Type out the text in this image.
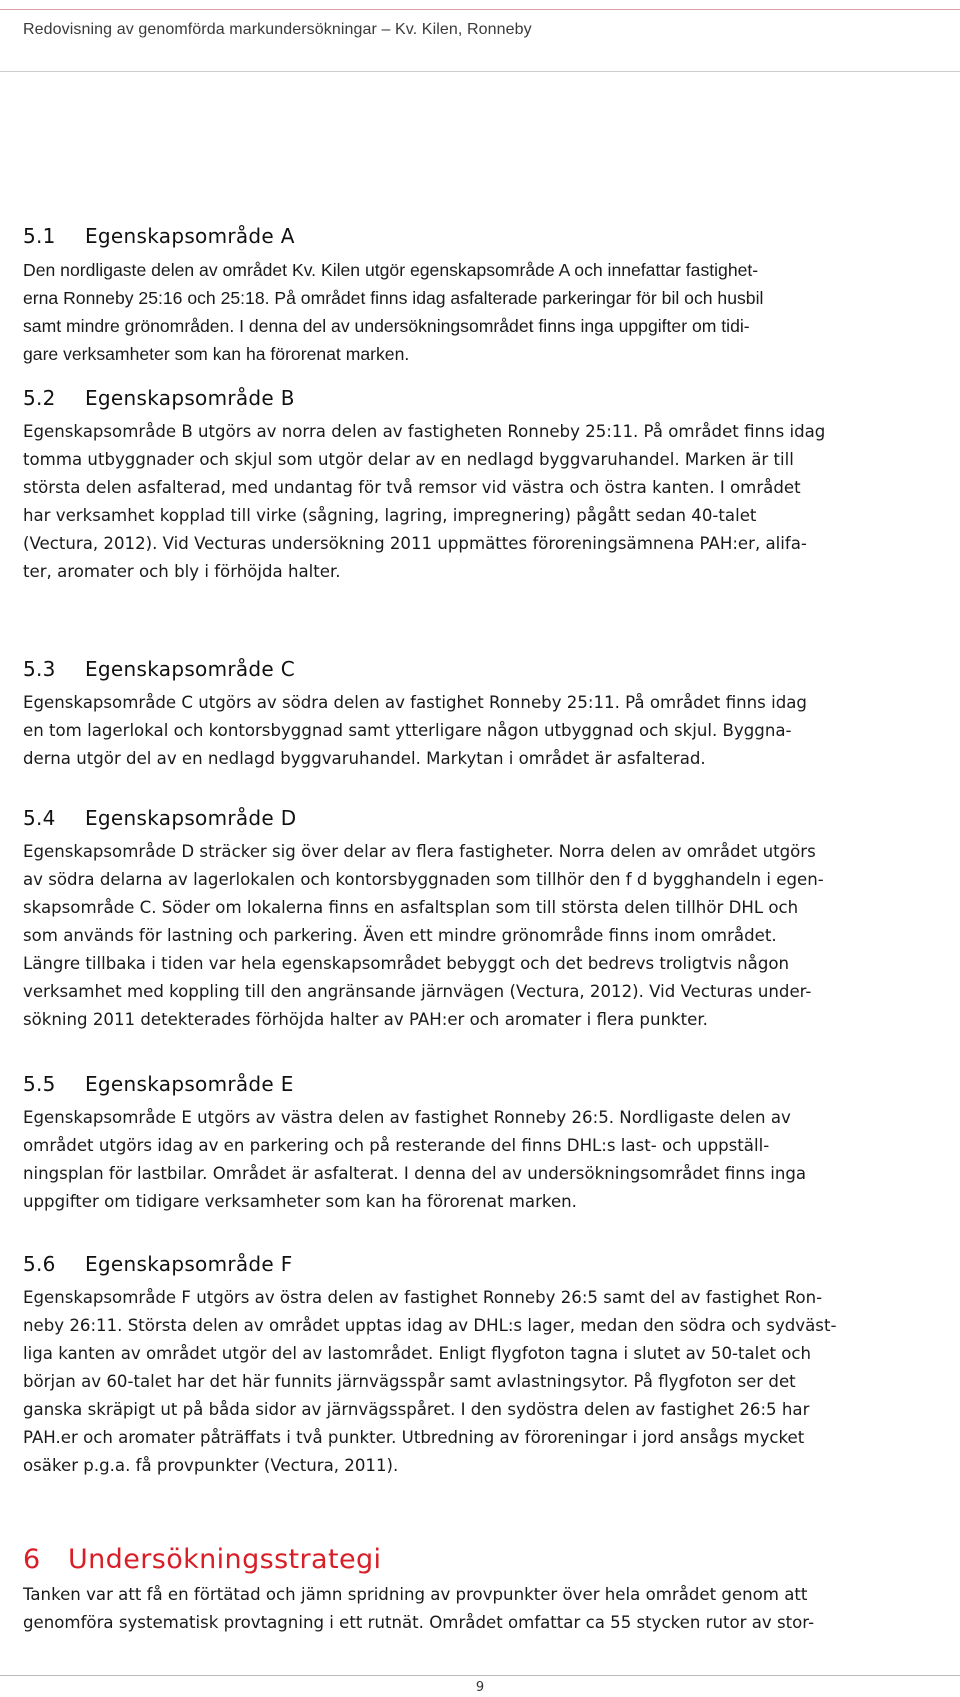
Redovisning av genomförda markundersökningar – Kv. Kilen, Ronneby
5.1 Egenskapsområde A

Den nordligaste delen av området Kv. Kilen utgör egenskapsområde A och innefattar fastighet-
erna Ronneby 25:16 och 25:18. På området finns idag asfalterade parkeringar för bil och husbil
samt mindre grönområden. I denna del av undersökningsområdet finns inga uppgifter om tidi-
gare verksamheter som kan ha förorenat marken.

5.2 Egenskapsområde B

Egenskapsområde B utgörs av norra delen av fastigheten Ronneby 25:11. På området finns idag
tomma utbyggnader och skjul som utgör delar av en nedlagd byggvaruhandel. Marken är till
största delen asfalterad, med undantag för två remsor vid västra och östra kanten. I området
har verksamhet kopplad till virke (sågning, lagring, impregnering) pågått sedan 40-talet
(Vectura, 2012). Vid Vecturas undersökning 2011 uppmättes föroreningsämnena PAH:er, alifa-
ter, aromater och bly i förhöjda halter.

5.3 Egenskapsområde C

Egenskapsområde C utgörs av södra delen av fastighet Ronneby 25:11. På området finns idag
en tom lagerlokal och kontorsbyggnad samt ytterligare någon utbyggnad och skjul. Byggna-
derna utgör del av en nedlagd byggvaruhandel. Markytan i området är asfalterad.

5.4 Egenskapsområde D

Egenskapsområde D sträcker sig över delar av flera fastigheter. Norra delen av området utgörs
av södra delarna av lagerlokalen och kontorsbyggnaden som tillhör den f d bygghandeln i egen-
skapsområde C. Söder om lokalerna finns en asfaltsplan som till största delen tillhör DHL och
som används för lastning och parkering. Även ett mindre grönområde finns inom området.
Längre tillbaka i tiden var hela egenskapsområdet bebyggt och det bedrevs troligtvis någon
verksamhet med koppling till den angränsande järnvägen (Vectura, 2012). Vid Vecturas under-
sökning 2011 detekterades förhöjda halter av PAH:er och aromater i flera punkter.

5.5 Egenskapsområde E

Egenskapsområde E utgörs av västra delen av fastighet Ronneby 26:5. Nordligaste delen av
området utgörs idag av en parkering och på resterande del finns DHL:s last- och uppställ-
ningsplan för lastbilar. Området är asfalterat. I denna del av undersökningsområdet finns inga
uppgifter om tidigare verksamheter som kan ha förorenat marken.

5.6 Egenskapsområde F

Egenskapsområde F utgörs av östra delen av fastighet Ronneby 26:5 samt del av fastighet Ron-
neby 26:11. Största delen av området upptas idag av DHL:s lager, medan den södra och sydväst-
liga kanten av området utgör del av lastområdet. Enligt flygfoton tagna i slutet av 50-talet och
början av 60-talet har det här funnits järnvägsspår samt avlastningsytor. På flygfoton ser det
ganska skräpigt ut på båda sidor av järnvägsspåret. I den sydöstra delen av fastighet 26:5 har
PAH.er och aromater påträffats i två punkter. Utbredning av föroreningar i jord ansågs mycket
osäker p.g.a. få provpunkter (Vectura, 2011).

6 Undersökningsstrategi

Tanken var att få en förtätad och jämn spridning av provpunkter över hela området genom att
genomföra systematisk provtagning i ett rutnät. Området omfattar ca 55 stycken rutor av stor-

9
